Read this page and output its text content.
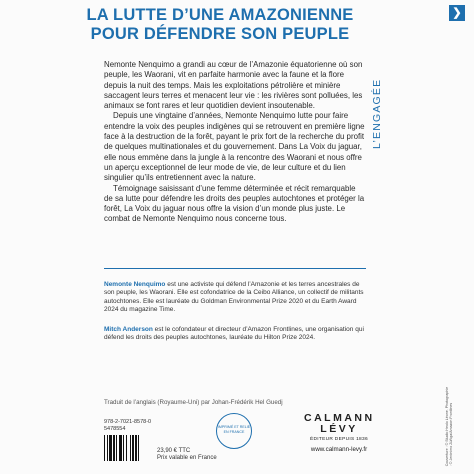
LA LUTTE D’UNE AMAZONIENNE POUR DÉFENDRE SON PEUPLE
❯
L’ENGAGÉE

Nemonte Nenquimo a grandi au cœur de l’Amazonie équatorienne où son peuple, les Waorani, vit en parfaite harmonie avec la faune et la flore depuis la nuit des temps. Mais les exploitations pétrolière et minière saccagent leurs terres et menacent leur vie : les rivières sont polluées, les animaux se font rares et leur quotidien devient insoutenable.

Depuis une vingtaine d’années, Nemonte Nenquimo lutte pour faire entendre la voix des peuples indigènes qui se retrouvent en première ligne face à la destruction de la forêt, payant le prix fort de la recherche du profit de quelques multinationales et du gouvernement. Dans La Voix du jaguar, elle nous emmène dans la jungle à la rencontre des Waorani et nous offre un aperçu exceptionnel de leur mode de vie, de leur culture et du lien singulier qu’ils entretiennent avec la nature.

Témoignage saisissant d’une femme déterminée et récit remarquable de sa lutte pour défendre les droits des peuples autochtones et protéger la forêt, La Voix du jaguar nous offre la vision d’un monde plus juste. Le combat de Nemonte Nenquimo nous concerne tous.

Nemonte Nenquimo est une activiste qui défend l’Amazonie et les terres ancestrales de son peuple, les Waorani. Elle est cofondatrice de la Ceibo Alliance, un collectif de militants autochtones. Elle est lauréate du Goldman Environmental Prize 2020 et du Earth Award 2024 du magazine Time.

Mitch Anderson est le cofondateur et directeur d’Amazon Frontlines, une organisation qui défend les droits des peuples autochtones, lauréate du Hilton Prize 2024.

Traduit de l’anglais (Royaume-Uni) par Johan-Frédérik Hel Guedj
978-2-7021-8578-0
5478554
23,90 € TTC
Prix valable en France
IMPRIMÉ ET RELIÉ EN FRANCE
CALMANN
LÉVY
ÉDITEUR DEPUIS 1836
www.calmann-levy.fr	Couverture : © Studio Heolo Léone. Photographie : © Jerónimo Zúñiga/Amazon Frontlines
